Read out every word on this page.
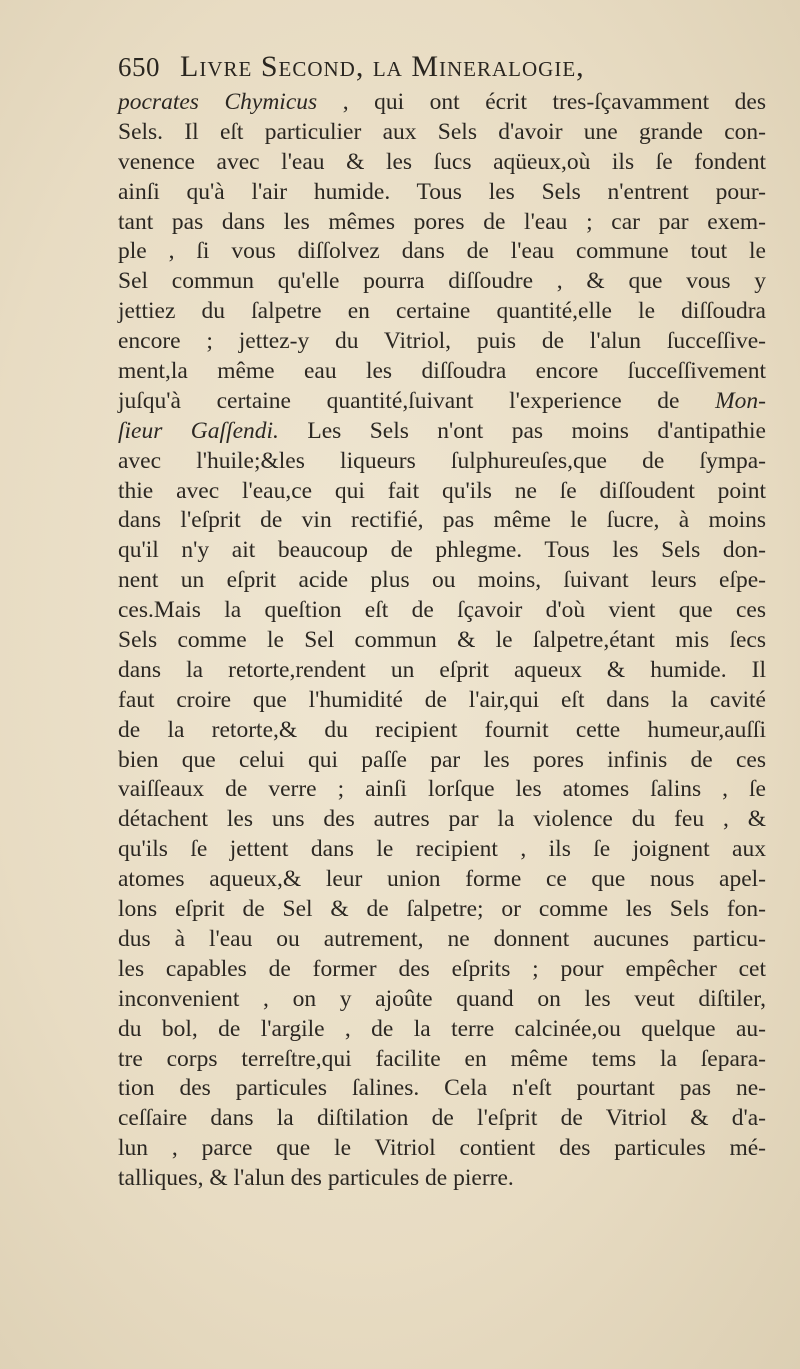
650 Livre Second, la Mineralogie,
pocrates Chymicus , qui ont écrit tres-ſçavamment des
Sels. Il eſt particulier aux Sels d'avoir une grande con-
venence avec l'eau & les ſucs aqüeux,où ils ſe fondent
ainſi qu'à l'air humide. Tous les Sels n'entrent pour-
tant pas dans les mêmes pores de l'eau ; car par exem-
ple , ſi vous diſſolvez dans de l'eau commune tout le
Sel commun qu'elle pourra diſſoudre , & que vous y
jettiez du ſalpetre en certaine quantité,elle le diſſoudra
encore ; jettez-y du Vitriol, puis de l'alun ſucceſſive-
ment,la même eau les diſſoudra encore ſucceſſivement
juſqu'à certaine quantité,ſuivant l'experience de Mon-
ſieur Gaſſendi. Les Sels n'ont pas moins d'antipathie
avec l'huile;&les liqueurs ſulphureuſes,que de ſympa-
thie avec l'eau,ce qui fait qu'ils ne ſe diſſoudent point
dans l'eſprit de vin rectifié, pas même le ſucre, à moins
qu'il n'y ait beaucoup de phlegme. Tous les Sels don-
nent un eſprit acide plus ou moins, ſuivant leurs eſpe-
ces.Mais la queſtion eſt de ſçavoir d'où vient que ces
Sels comme le Sel commun & le ſalpetre,étant mis ſecs
dans la retorte,rendent un eſprit aqueux & humide. Il
faut croire que l'humidité de l'air,qui eſt dans la cavité
de la retorte,& du recipient fournit cette humeur,auſſi
bien que celui qui paſſe par les pores infinis de ces
vaiſſeaux de verre ; ainſi lorſque les atomes ſalins , ſe
détachent les uns des autres par la violence du feu , &
qu'ils ſe jettent dans le recipient , ils ſe joignent aux
atomes aqueux,& leur union forme ce que nous apel-
lons eſprit de Sel & de ſalpetre; or comme les Sels fon-
dus à l'eau ou autrement, ne donnent aucunes particu-
les capables de former des eſprits ; pour empêcher cet
inconvenient , on y ajoûte quand on les veut diſtiler,
du bol, de l'argile , de la terre calcinée,ou quelque au-
tre corps terreſtre,qui facilite en même tems la ſepara-
tion des particules ſalines. Cela n'eſt pourtant pas ne-
ceſſaire dans la diſtilation de l'eſprit de Vitriol & d'a-
lun , parce que le Vitriol contient des particules mé-
talliques, & l'alun des particules de pierre.
